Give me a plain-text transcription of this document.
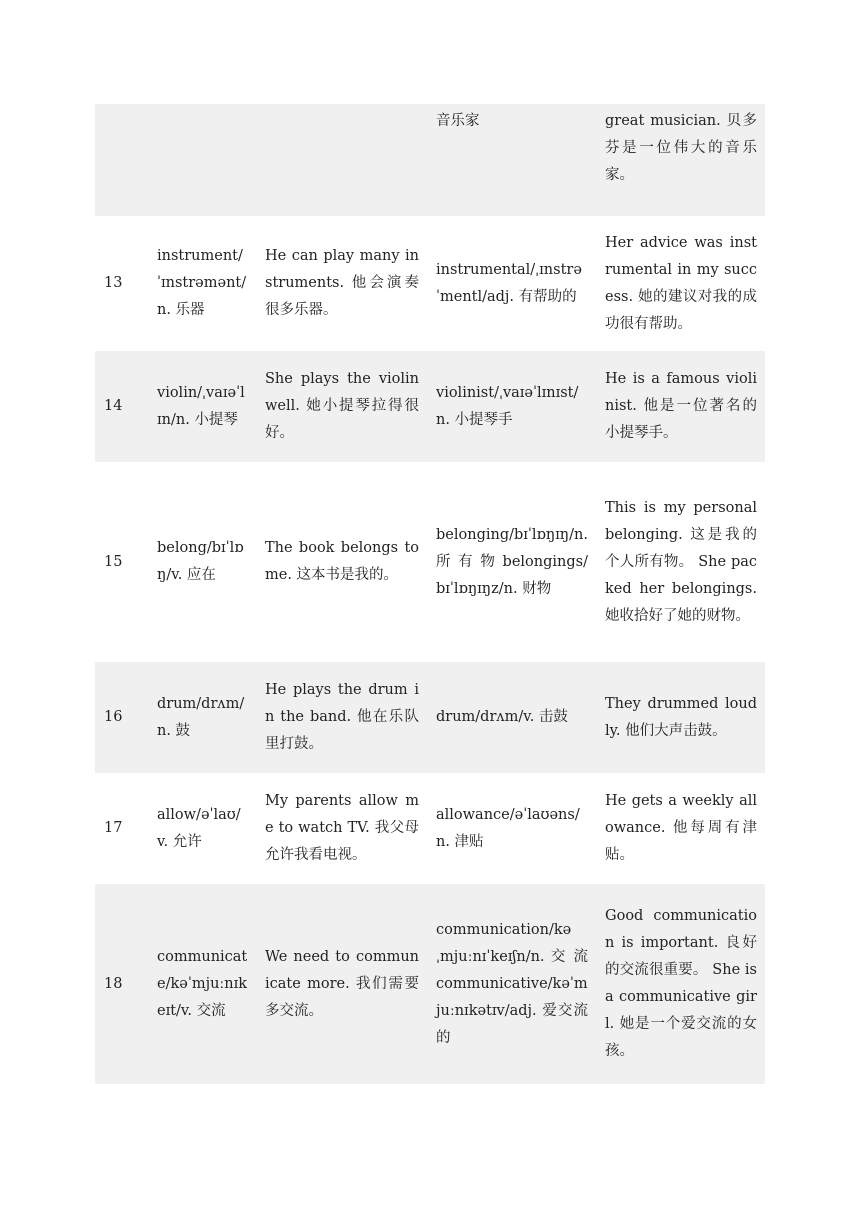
			音乐家	great musician. 贝多芬是一位伟大的音乐家。
13	instrument/ˈɪnstrəmənt/n. 乐器	He can play many instruments. 他会演奏很多乐器。	instrumental/ˌɪnstrəˈmentl/adj. 有帮助的	Her advice was instrumental in my success. 她的建议对我的成功很有帮助。
14	violin/ˌvaɪəˈlɪn/n. 小提琴	She plays the violin well. 她小提琴拉得很好。	violinist/ˌvaɪəˈlɪnɪst/n. 小提琴手	He is a famous violinist. 他是一位著名的小提琴手。
15	belong/bɪˈlɒŋ/v. 应在	The book belongs to me. 这本书是我的。	belonging/bɪˈlɒŋɪŋ/n. 所 有 物 belongings/bɪˈlɒŋɪŋz/n. 财物	This is my personal belonging. 这是我的个人所有物。 She packed her belongings. 她收拾好了她的财物。
16	drum/drʌm/n. 鼓	He plays the drum in the band. 他在乐队里打鼓。	drum/drʌm/v. 击鼓	They drummed loudly. 他们大声击鼓。
17	allow/əˈlaʊ/v. 允许	My parents allow me to watch TV. 我父母允许我看电视。	allowance/əˈlaʊəns/n. 津贴	He gets a weekly allowance. 他每周有津贴。
18	communicate/kəˈmjuːnɪkeɪt/v. 交流	We need to communicate more. 我们需要多交流。	communication/kəˌmjuːnɪˈkeɪʃn/n. 交 流 communicative/kəˈmjuːnɪkətɪv/adj. 爱交流的	Good communication is important. 良好的交流很重要。 She is a communicative girl. 她是一个爱交流的女孩。
